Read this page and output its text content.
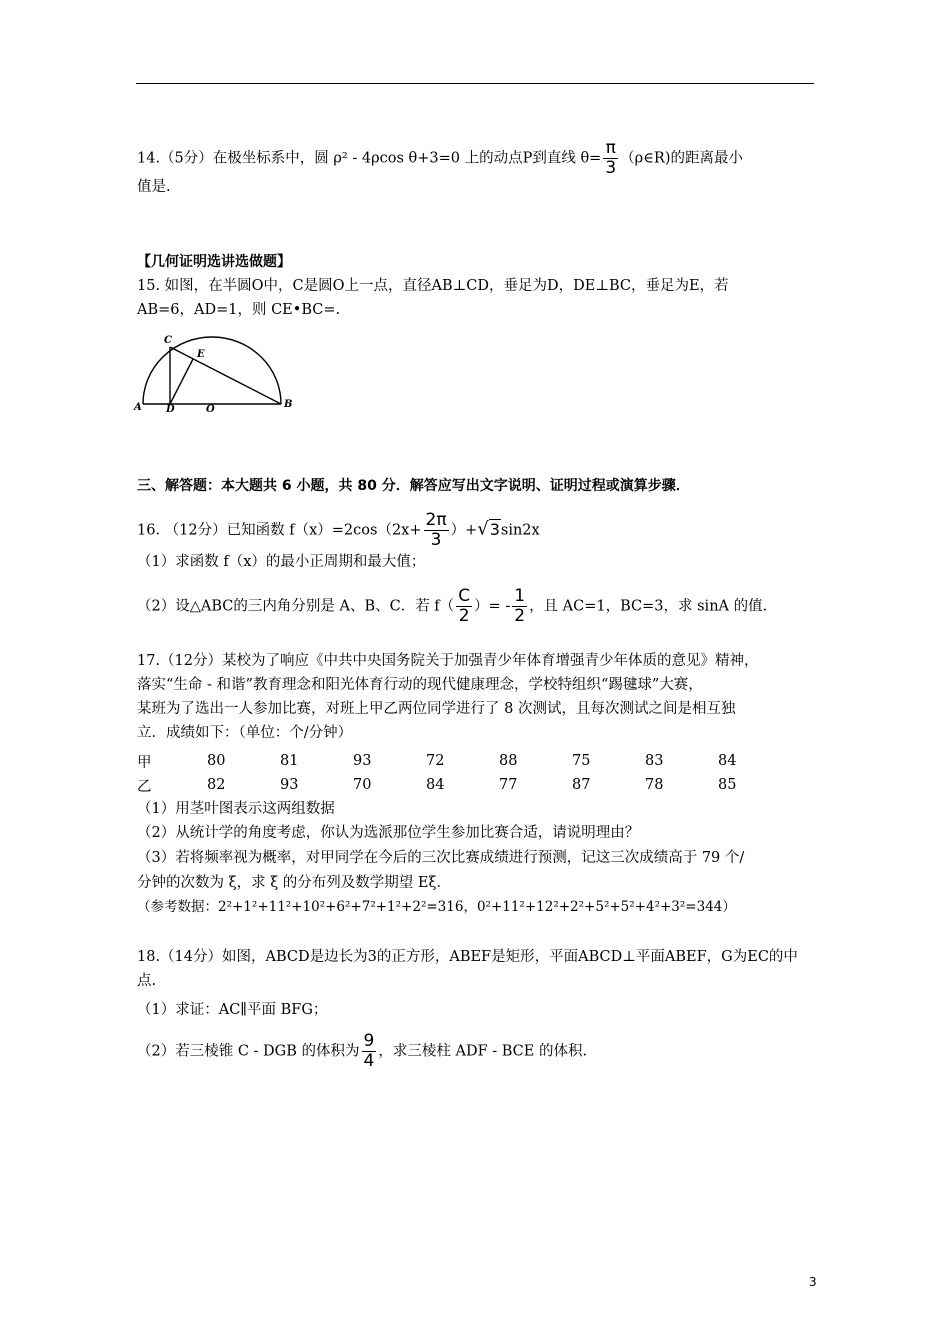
14.（5分）在极坐标系中，圆 ρ² - 4ρcos θ+3=0 上的动点P到直线 $\theta= \frac{\pi}{3}$ （ρ∈R)的距离最小
值是.
【几何证明选讲选做题】
15. 如图，在半圆O中，C是圆O上一点，直径AB⊥CD，垂足为D，DE⊥BC，垂足为E，若
AB=6，AD=1，则 CE•BC=.
C
E
A D	O	B
三、解答题：本大题共 6 小题，共 80 分．解答应写出文字说明、证明过程或演算步骤．
16. （12分）已知函数 $f(x)=2\cos(2x+ \frac{2\pi}{3} )+√3\sin 2x$
（1）求函数 f（x）的最小正周期和最大值；
（2）设△ABC的三内角分别是 A、B、C．若 $f( \frac{C}{2}$ ）= - $\frac{1}{2}$ ，且 AC=1，BC=3，求 sinA 的值.
17.（12分）某校为了响应《中共中央国务院关于加强青少年体育增强青少年体质的意见》精神，
落实“生命 - 和谐”教育理念和阳光体育行动的现代健康理念，学校特组织“踢毽球”大赛，
某班为了选出一人参加比赛，对班上甲乙两位同学进行了 8 次测试，且每次测试之间是相互独
立．成绩如下：（单位：个/分钟）
甲	80	81	93	72	88	75	83	84
乙	82	93	70	84	77	87	78	85
（1）用茎叶图表示这两组数据
（2）从统计学的角度考虑，你认为选派那位学生参加比赛合适，请说明理由？
（3）若将频率视为概率，对甲同学在今后的三次比赛成绩进行预测，记这三次成绩高于 79 个/
分钟的次数为 ξ，求 ξ 的分布列及数学期望 Eξ．
（参考数据：2²+1²+11²+10²+6²+7²+1²+2²=316，0²+11²+12²+2²+5²+5²+4²+3²=344）
18.（14分）如图，ABCD是边长为3的正方形，ABEF是矩形，平面ABCD⊥平面ABEF，G为EC的中
点.
（1）求证：AC∥平面 BFG；
（2）若三棱锥 C - DGB 的体积为 $\frac{9}{4}$ ，求三棱柱 ADF - BCE 的体积.
3
